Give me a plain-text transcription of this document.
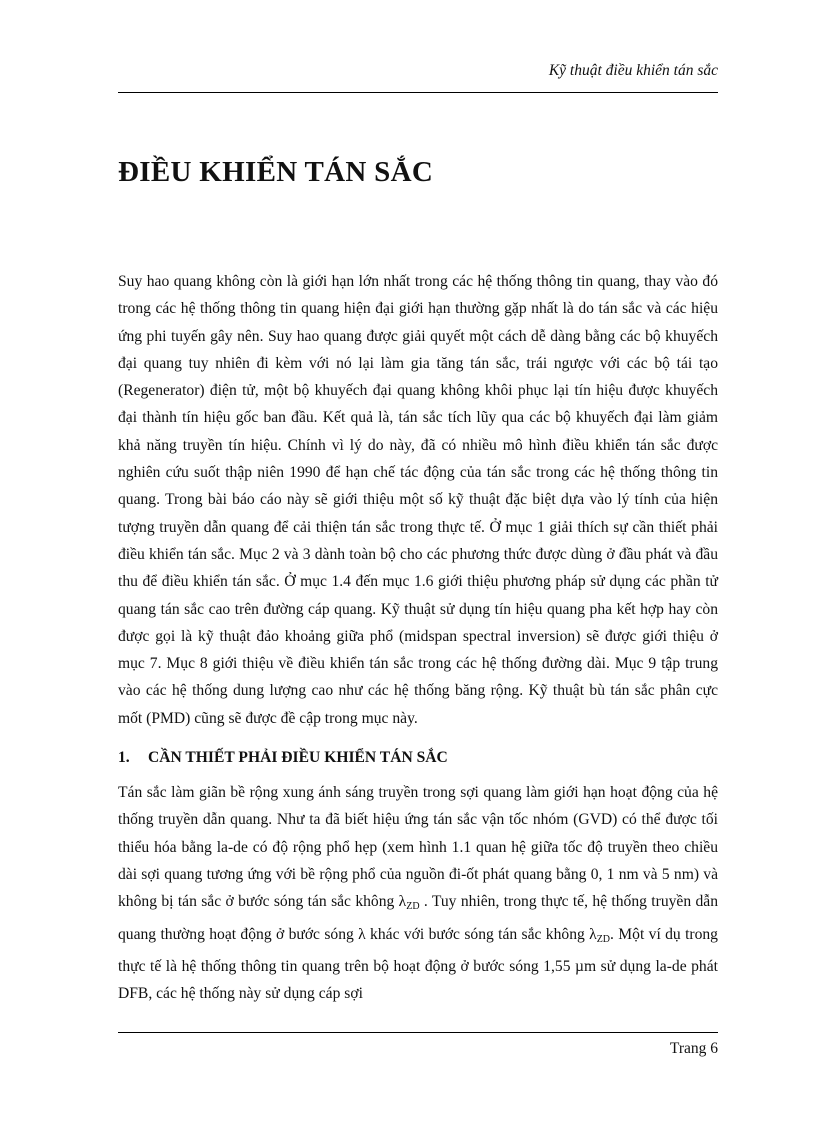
Kỹ thuật điều khiển tán sắc
ĐIỀU KHIỂN TÁN SẮC

Suy hao quang không còn là giới hạn lớn nhất trong các hệ thống thông tin quang, thay vào đó trong các hệ thống thông tin quang hiện đại giới hạn thường gặp nhất là do tán sắc và các hiệu ứng phi tuyến gây nên. Suy hao quang được giải quyết một cách dễ dàng bằng các bộ khuyếch đại quang tuy nhiên đi kèm với nó lại làm gia tăng tán sắc, trái ngược với các bộ tái tạo (Regenerator) điện tử, một bộ khuyếch đại quang không khôi phục lại tín hiệu được khuyếch đại thành tín hiệu gốc ban đầu. Kết quả là, tán sắc tích lũy qua các bộ khuyếch đại làm giảm khả năng truyền tín hiệu. Chính vì lý do này, đã có nhiều mô hình điều khiển tán sắc được nghiên cứu suốt thập niên 1990 để hạn chế tác động của tán sắc trong các hệ thống thông tin quang. Trong bài báo cáo này sẽ giới thiệu một số kỹ thuật đặc biệt dựa vào lý tính của hiện tượng truyền dẫn quang để cải thiện tán sắc trong thực tế. Ở mục 1 giải thích sự cần thiết phải điều khiển tán sắc. Mục 2 và 3 dành toàn bộ cho các phương thức được dùng ở đầu phát và đầu thu để điều khiển tán sắc. Ở mục 1.4 đến mục 1.6 giới thiệu phương pháp sử dụng các phần tử quang tán sắc cao trên đường cáp quang. Kỹ thuật sử dụng tín hiệu quang pha kết hợp hay còn được gọi là kỹ thuật đảo khoảng giữa phổ (midspan spectral inversion) sẽ được giới thiệu ở mục 7. Mục 8 giới thiệu về điều khiển tán sắc trong các hệ thống đường dài. Mục 9 tập trung vào các hệ thống dung lượng cao như các hệ thống băng rộng. Kỹ thuật bù tán sắc phân cực mốt (PMD) cũng sẽ được đề cập trong mục này.

1. CẦN THIẾT PHẢI ĐIỀU KHIỂN TÁN SẮC

Tán sắc làm giãn bề rộng xung ánh sáng truyền trong sợi quang làm giới hạn hoạt động của hệ thống truyền dẫn quang. Như ta đã biết hiệu ứng tán sắc vận tốc nhóm (GVD) có thể được tối thiểu hóa bằng la-de có độ rộng phổ hẹp (xem hình 1.1 quan hệ giữa tốc độ truyền theo chiều dài sợi quang tương ứng với bề rộng phổ của nguồn đi-ốt phát quang bằng 0, 1 nm và 5 nm) và không bị tán sắc ở bước sóng tán sắc không $\lambda_{ZD}$ . Tuy nhiên, trong thực tế, hệ thống truyền dẫn quang thường hoạt động ở bước sóng λ khác với bước sóng tán sắc không $\lambda_{ZD}$. Một ví dụ trong thực tế là hệ thống thông tin quang trên bộ hoạt động ở bước sóng 1,55 µm sử dụng la-de phát DFB, các hệ thống này sử dụng cáp sợi

Trang 6
